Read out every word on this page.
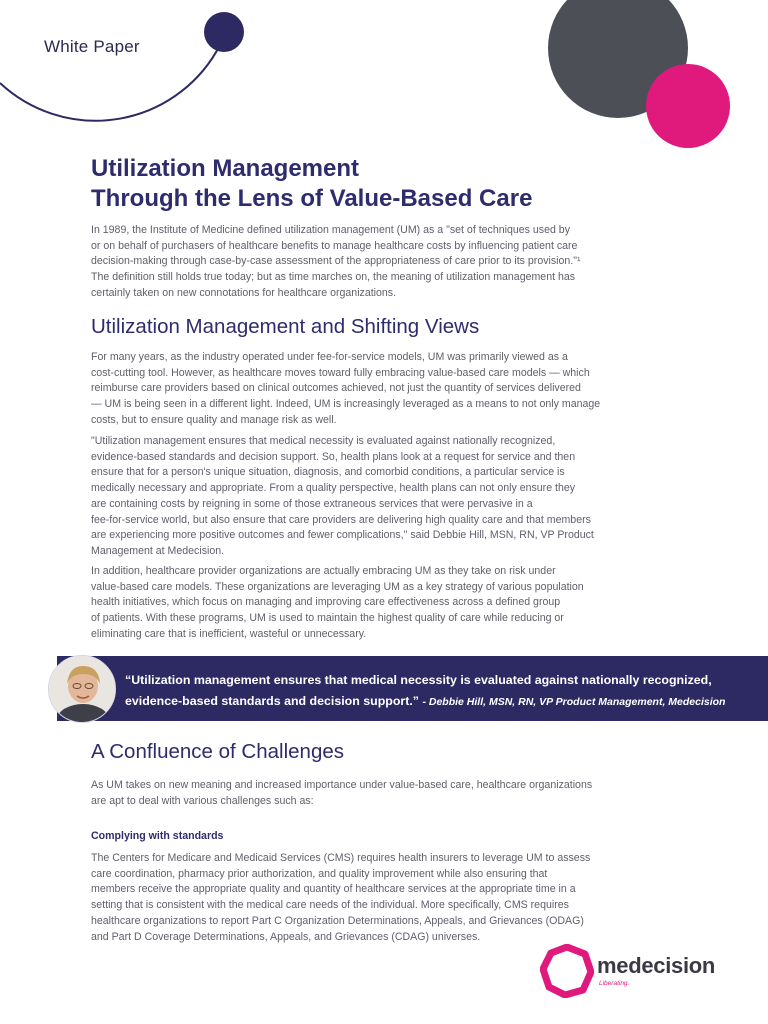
White Paper
Utilization Management
Through the Lens of Value-Based Care
In 1989, the Institute of Medicine defined utilization management (UM) as a "set of techniques used by
or on behalf of purchasers of healthcare benefits to manage healthcare costs by influencing patient care
decision-making through case-by-case assessment of the appropriateness of care prior to its provision."¹
The definition still holds true today; but as time marches on, the meaning of utilization management has
certainly taken on new connotations for healthcare organizations.
Utilization Management and Shifting Views
For many years, as the industry operated under fee-for-service models, UM was primarily viewed as a
cost-cutting tool. However, as healthcare moves toward fully embracing value-based care models — which
reimburse care providers based on clinical outcomes achieved, not just the quantity of services delivered
— UM is being seen in a different light. Indeed, UM is increasingly leveraged as a means to not only manage
costs, but to ensure quality and manage risk as well.
"Utilization management ensures that medical necessity is evaluated against nationally recognized,
evidence-based standards and decision support. So, health plans look at a request for service and then
ensure that for a person's unique situation, diagnosis, and comorbid conditions, a particular service is
medically necessary and appropriate. From a quality perspective, health plans can not only ensure they
are containing costs by reigning in some of those extraneous services that were pervasive in a
fee-for-service world, but also ensure that care providers are delivering high quality care and that members
are experiencing more positive outcomes and fewer complications," said Debbie Hill, MSN, RN, VP Product
Management at Medecision.
In addition, healthcare provider organizations are actually embracing UM as they take on risk under
value-based care models. These organizations are leveraging UM as a key strategy of various population
health initiatives, which focus on managing and improving care effectiveness across a defined group
of patients. With these programs, UM is used to maintain the highest quality of care while reducing or
eliminating care that is inefficient, wasteful or unnecessary.
“Utilization management ensures that medical necessity is evaluated against nationally recognized,
evidence-based standards and decision support.” - Debbie Hill, MSN, RN, VP Product Management, Medecision
A Confluence of Challenges
As UM takes on new meaning and increased importance under value-based care, healthcare organizations
are apt to deal with various challenges such as:
Complying with standards
The Centers for Medicare and Medicaid Services (CMS) requires health insurers to leverage UM to assess
care coordination, pharmacy prior authorization, and quality improvement while also ensuring that
members receive the appropriate quality and quantity of healthcare services at the appropriate time in a
setting that is consistent with the medical care needs of the individual. More specifically, CMS requires
healthcare organizations to report Part C Organization Determinations, Appeals, and Grievances (ODAG)
and Part D Coverage Determinations, Appeals, and Grievances (CDAG) universes.
medecision
Liberating.
